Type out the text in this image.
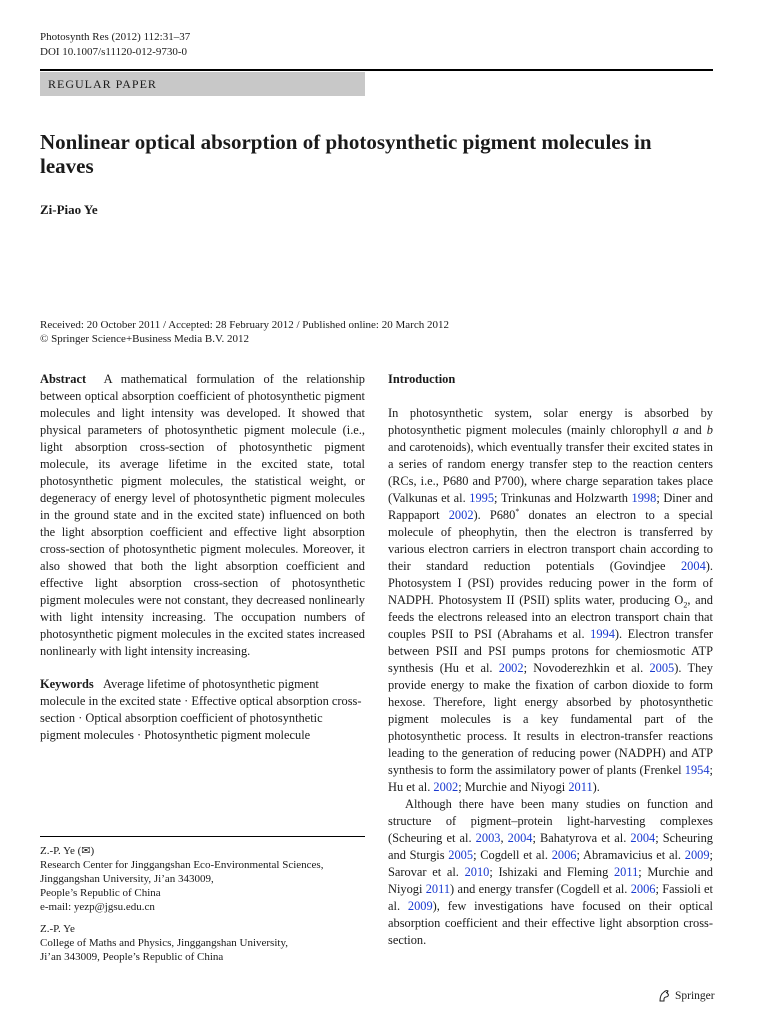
Photosynth Res (2012) 112:31–37
DOI 10.1007/s11120-012-9730-0
REGULAR PAPER
Nonlinear optical absorption of photosynthetic pigment molecules in leaves
Zi-Piao Ye
Received: 20 October 2011 / Accepted: 28 February 2012 / Published online: 20 March 2012
© Springer Science+Business Media B.V. 2012

Abstract A mathematical formulation of the relationship between optical absorption coefficient of photosynthetic pigment molecules and light intensity was developed. It showed that physical parameters of photosynthetic pigment molecule (i.e., light absorption cross-section of photosynthetic pigment molecule, its average lifetime in the excited state, total photosynthetic pigment molecules, the statistical weight, or degeneracy of energy level of photosynthetic pigment molecules in the ground state and in the excited state) influenced on both the light absorption coefficient and effective light absorption cross-section of photosynthetic pigment molecules. Moreover, it also showed that both the light absorption coefficient and effective light absorption cross-section of photosynthetic pigment molecules were not constant, they decreased nonlinearly with light intensity increasing. The occupation numbers of photosynthetic pigment molecules in the excited states increased nonlinearly with light intensity increasing.

Keywords Average lifetime of photosynthetic pigment molecule in the excited state · Effective optical absorption cross-section · Optical absorption coefficient of photosynthetic pigment molecules · Photosynthetic pigment molecule

Z.-P. Ye (✉)
Research Center for Jinggangshan Eco-Environmental Sciences,
Jinggangshan University, Ji’an 343009,
People’s Republic of China
e-mail: yezp@jgsu.edu.cn
Z.-P. Ye
College of Maths and Physics, Jinggangshan University,
Ji’an 343009, People’s Republic of China

Introduction

In photosynthetic system, solar energy is absorbed by photosynthetic pigment molecules (mainly chlorophyll a and b and carotenoids), which eventually transfer their excited states in a series of random energy transfer step to the reaction centers (RCs, i.e., P680 and P700), where charge separation takes place (Valkunas et al. 1995; Trinkunas and Holzwarth 1998; Diner and Rappaport 2002). P680* donates an electron to a special molecule of pheophytin, then the electron is transferred by various electron carriers in electron transport chain according to their standard reduction potentials (Govindjee 2004). Photosystem I (PSI) provides reducing power in the form of NADPH. Photosystem II (PSII) splits water, producing $O_2$, and feeds the electrons released into an electron transport chain that couples PSII to PSI (Abrahams et al. 1994). Electron transfer between PSII and PSI pumps protons for chemiosmotic ATP synthesis (Hu et al. 2002; Novoderezhkin et al. 2005). They provide energy to make the fixation of carbon dioxide to form hexose. Therefore, light energy absorbed by photosynthetic pigment molecules is a key fundamental part of the photosynthetic process. It results in electron-transfer reactions leading to the generation of reducing power (NADPH) and ATP synthesis to form the assimilatory power of plants (Frenkel 1954; Hu et al. 2002; Murchie and Niyogi 2011).

Although there have been many studies on function and structure of pigment–protein light-harvesting complexes (Scheuring et al. 2003, 2004; Bahatyrova et al. 2004; Scheuring and Sturgis 2005; Cogdell et al. 2006; Abramavicius et al. 2009; Sarovar et al. 2010; Ishizaki and Fleming 2011; Murchie and Niyogi 2011) and energy transfer (Cogdell et al. 2006; Fassioli et al. 2009), few investigations have focused on their optical absorption coefficient and their effective light absorption cross-section.

Springer
